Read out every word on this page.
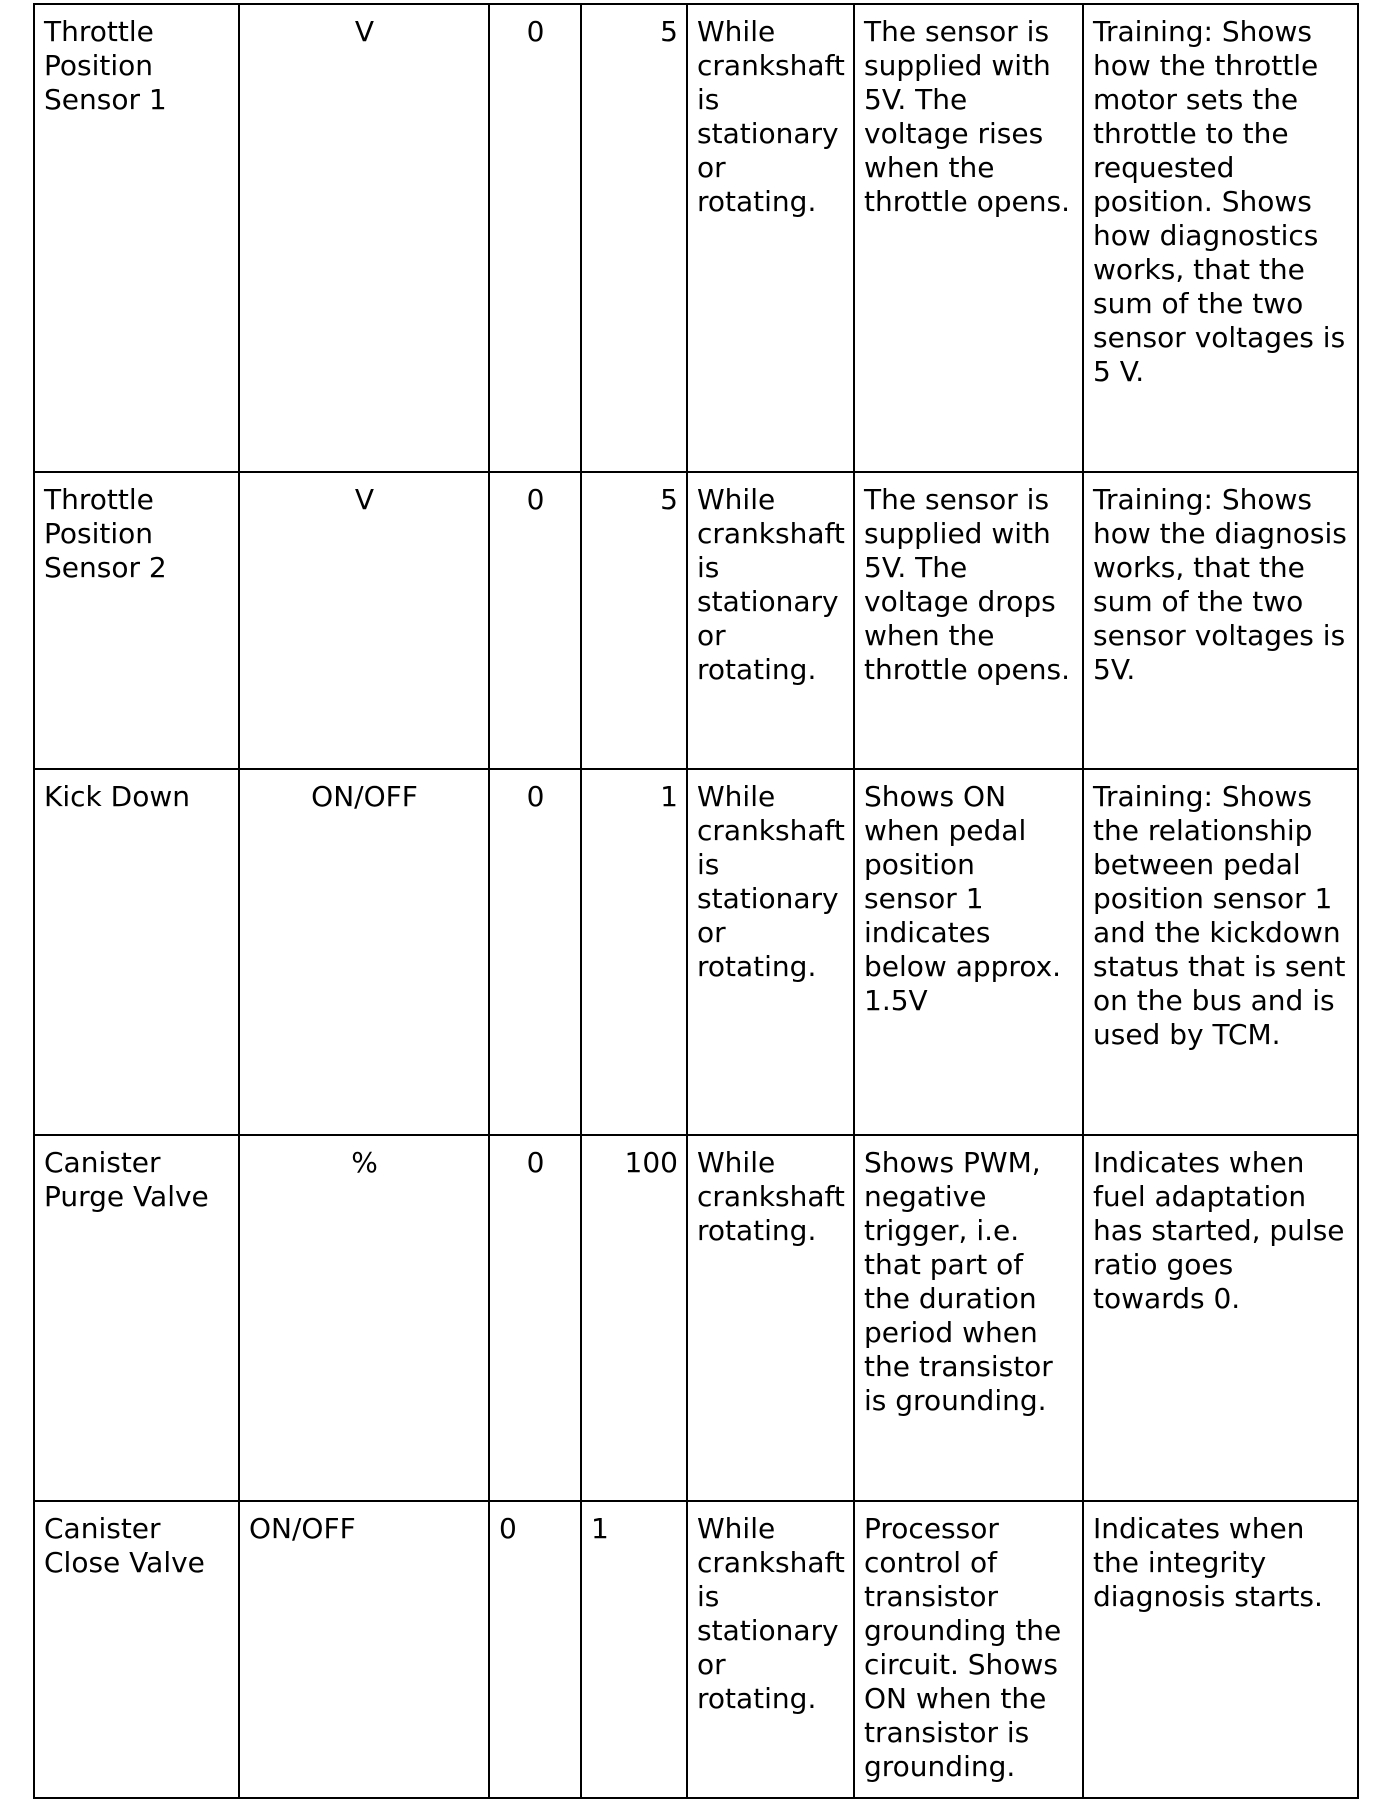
Throttle Position Sensor 1	V	0	5	While crankshaft is stationary or rotating.	The sensor is supplied with 5V. The voltage rises when the throttle opens.	Training: Shows how the throttle motor sets the throttle to the requested position. Shows how diagnostics works, that the sum of the two sensor voltages is 5 V.
Throttle Position Sensor 2	V	0	5	While crankshaft is stationary or rotating.	The sensor is supplied with 5V. The voltage drops when the throttle opens.	Training: Shows how the diagnosis works, that the sum of the two sensor voltages is 5V.
Kick Down	ON/OFF	0	1	While crankshaft is stationary or rotating.	Shows ON when pedal position sensor 1 indicates below approx. 1.5V	Training: Shows the relationship between pedal position sensor 1 and the kickdown status that is sent on the bus and is used by TCM.
Canister Purge Valve	%	0	100	While crankshaft rotating.	Shows PWM, negative trigger, i.e. that part of the duration period when the transistor is grounding.	Indicates when fuel adaptation has started, pulse ratio goes towards 0.
Canister Close Valve	ON/OFF	0	1	While crankshaft is stationary or rotating.	Processor control of transistor grounding the circuit. Shows ON when the transistor is grounding.	Indicates when the integrity diagnosis starts.
